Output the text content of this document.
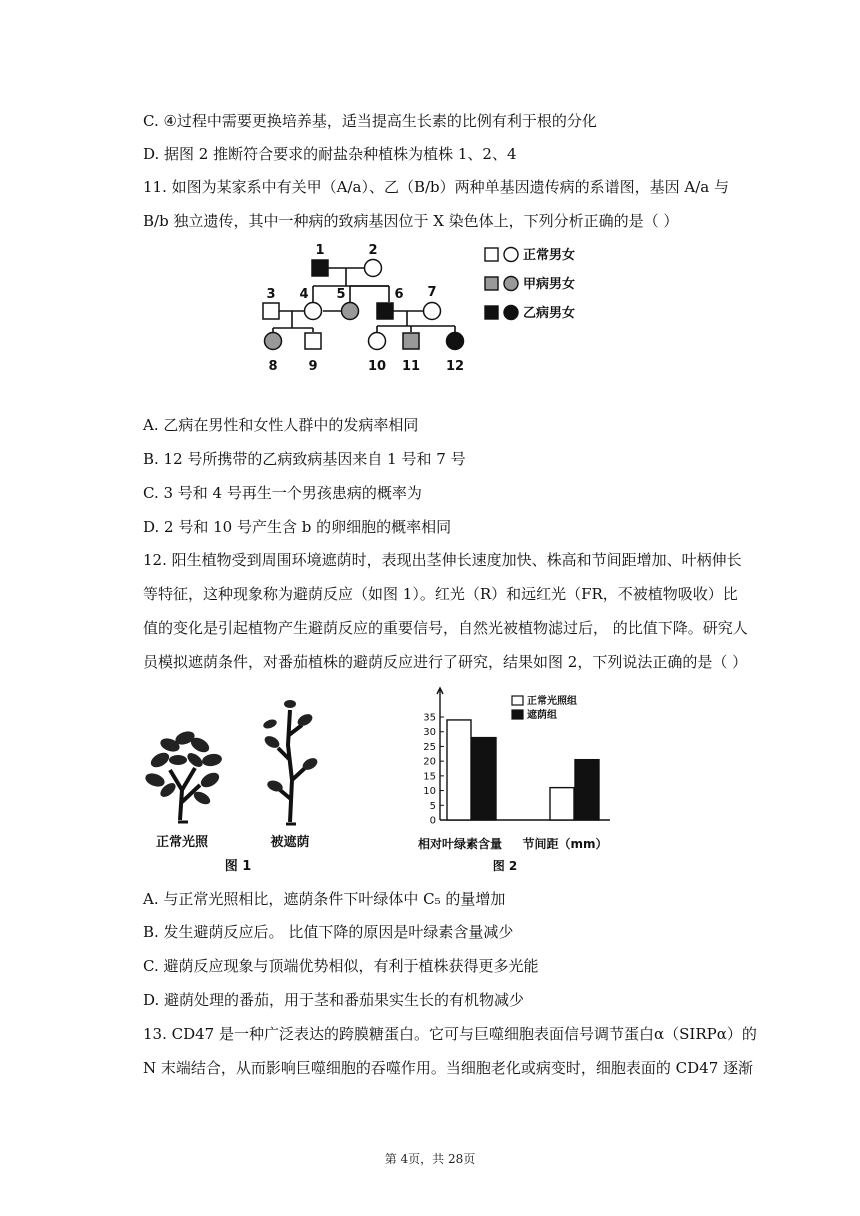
C. ④过程中需要更换培养基，适当提高生长素的比例有利于根的分化
D. 据图 2 推断符合要求的耐盐杂种植株为植株 1、2、4
11. 如图为某家系中有关甲（A/a）、乙（B/b）两种单基因遗传病的系谱图，基因 A/a 与
B/b 独立遗传，其中一种病的致病基因位于 X 染色体上，下列分析正确的是（ ）
1	2
3 4 5	6 7
8 9	10 11 12
正常男女
甲病男女
乙病男女
A. 乙病在男性和女性人群中的发病率相同
B. 12 号所携带的乙病致病基因来自 1 号和 7 号
C. 3 号和 4 号再生一个男孩患病的概率为
D. 2 号和 10 号产生含 b 的卵细胞的概率相同
12. 阳生植物受到周围环境遮荫时，表现出茎伸长速度加快、株高和节间距增加、叶柄伸长
等特征，这种现象称为避荫反应（如图 1）。红光（R）和远红光（FR，不被植物吸收）比
值的变化是引起植物产生避荫反应的重要信号，自然光被植物滤过后， 的比值下降。研究人
员模拟遮荫条件，对番茄植株的避荫反应进行了研究，结果如图 2，下列说法正确的是（ ）
正常光照	被遮荫
图 1
0
5
10
15
20
25
30
35
正常光照组
遮荫组
相对叶绿素含量 节间距（mm）
图 2
A. 与正常光照相比，遮荫条件下叶绿体中 C₅ 的量增加
B. 发生避荫反应后。 比值下降的原因是叶绿素含量减少
C. 避荫反应现象与顶端优势相似，有利于植株获得更多光能
D. 避荫处理的番茄，用于茎和番茄果实生长的有机物减少
13. CD47 是一种广泛表达的跨膜糖蛋白。它可与巨噬细胞表面信号调节蛋白α（SIRPα）的
N 末端结合，从而影响巨噬细胞的吞噬作用。当细胞老化或病变时，细胞表面的 CD47 逐渐
第 4页，共 28页
